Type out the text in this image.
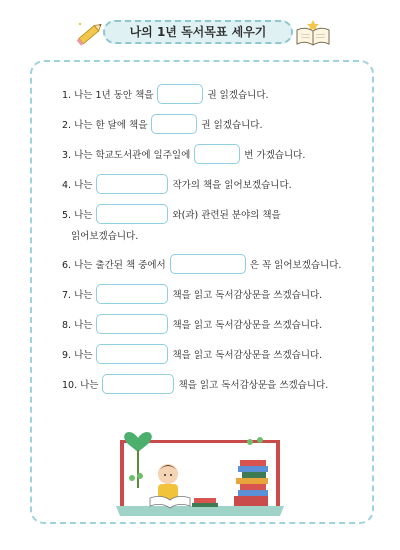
나의 1년 독서목표 세우기
1. 나는 1년 동안 책을	권 읽겠습니다.
2. 나는 한 달에 책을	권 읽겠습니다.
3. 나는 학교도서관에 일주일에	번 가겠습니다.
4. 나는	작가의 책을 읽어보겠습니다.
5. 나는	와(과) 관련된 분야의 책을
읽어보겠습니다.
6. 나는 출간된 책 중에서	은 꼭 읽어보겠습니다.
7. 나는	책을 읽고 독서감상문을 쓰겠습니다.
8. 나는	책을 읽고 독서감상문을 쓰겠습니다.
9. 나는	책을 읽고 독서감상문을 쓰겠습니다.
10. 나는	책을 읽고 독서감상문을 쓰겠습니다.
